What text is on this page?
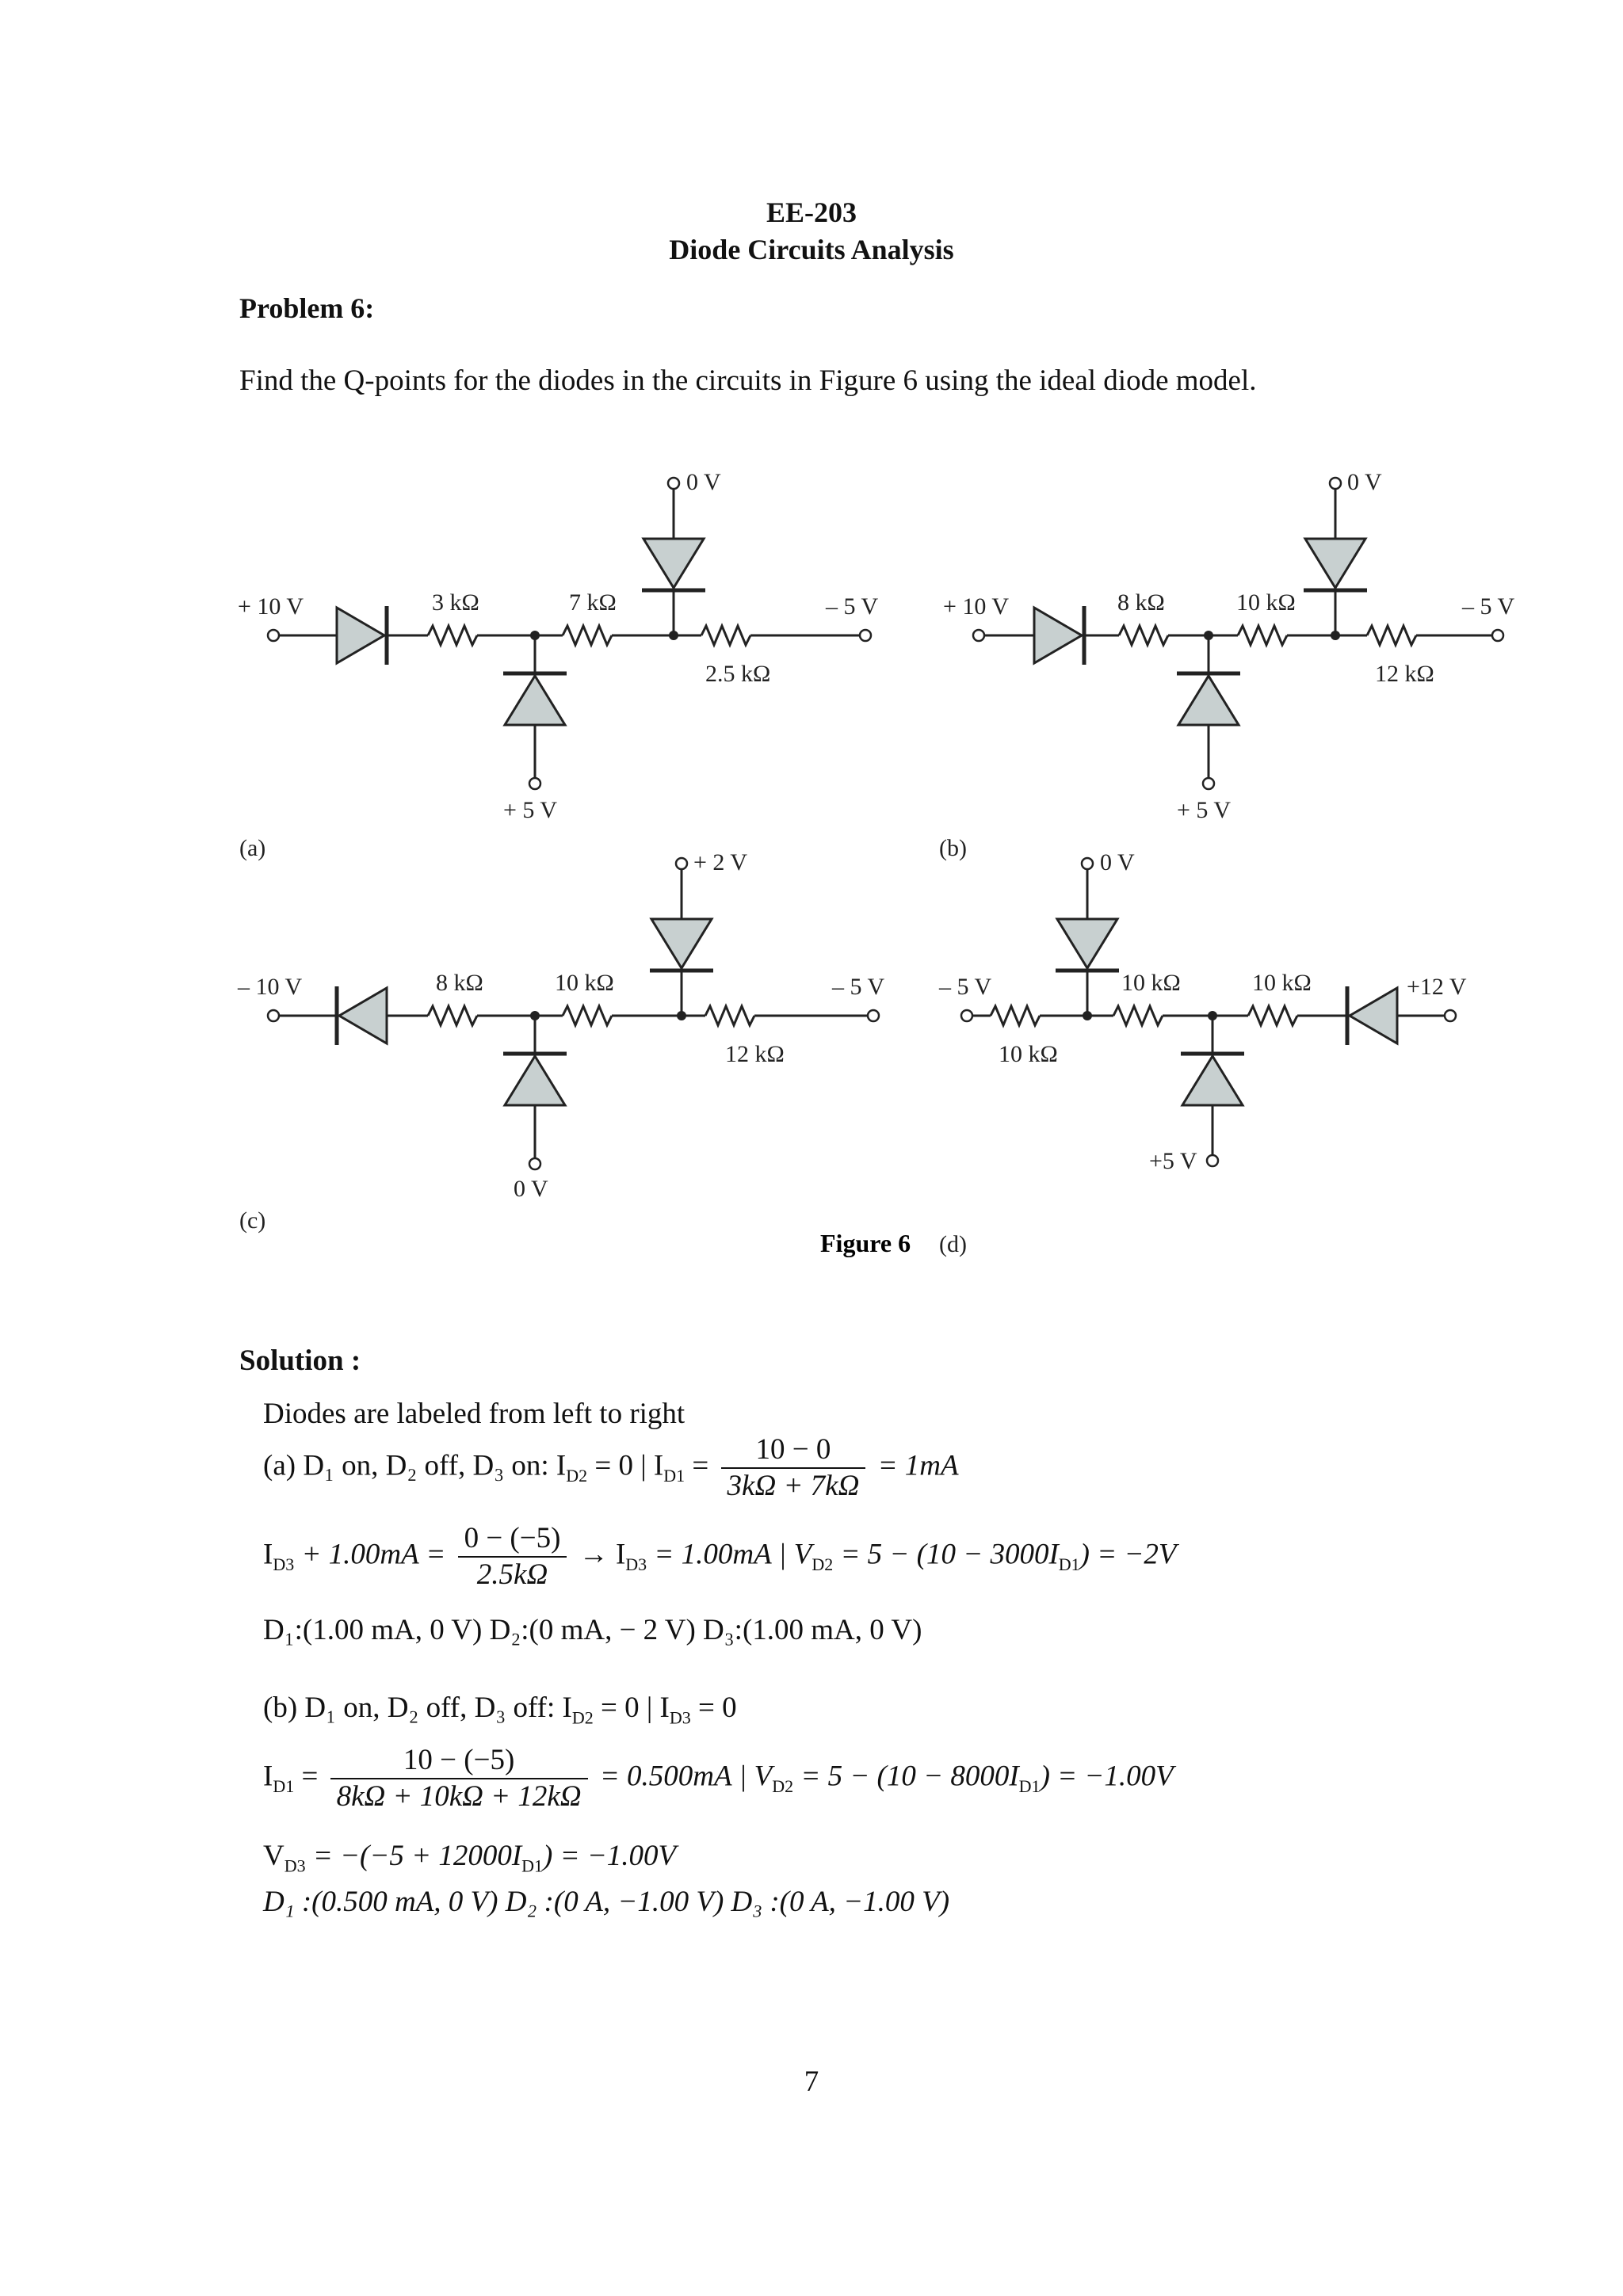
EE-203
Diode Circuits Analysis
Problem 6:
Find the Q-points for the diodes in the circuits in Figure 6 using the ideal diode model.
+ 10 V	3 kΩ	7 kΩ
2.5 kΩ
0 V
– 5 V
+ 5 V
(a)
+ 10 V	8 kΩ	10 kΩ
12 kΩ
0 V
– 5 V
+ 5 V
(b)
– 10 V	8 kΩ	10 kΩ
12 kΩ
+ 2 V
– 5 V
0 V
(c)
– 5 V
10 kΩ
10 kΩ	10 kΩ
0 V
+12 V
+5 V
(d)
Figure 6
Solution :
Diodes are labeled from left to right
(a) D₁ on, D₂ off, D₃ on: $I_{D2} = 0$ | $I_{D1} = \frac{10 - 0}{3k\Omega + 7k\Omega} = 1mA$
$I_{D3} + 1.00mA = \frac{0 - (-5)}{2.5k\Omega} \to I_{D3} = 1.00mA$ | $V_{D2} = 5 - (10 - 3000I_{D1}) = -2V$
D₁:(1.00 mA, 0 V) D₂:(0 mA, − 2 V) D₃:(1.00 mA, 0 V)
(b) D₁ on, D₂ off, D₃ off: $I_{D2} = 0$ | $I_{D3} = 0$
$I_{D1} = \frac{10 - (-5)}{8k\Omega + 10k\Omega + 12k\Omega} = 0.500mA$ | $V_{D2} = 5 - (10 - 8000I_{D1}) = -1.00V$
$V_{D3} = -(-5 + 12000I_{D1}) = -1.00V$
D₁ :(0.500 mA, 0 V) D₂ :(0 A, −1.00 V) D₃ :(0 A, −1.00 V)
7
